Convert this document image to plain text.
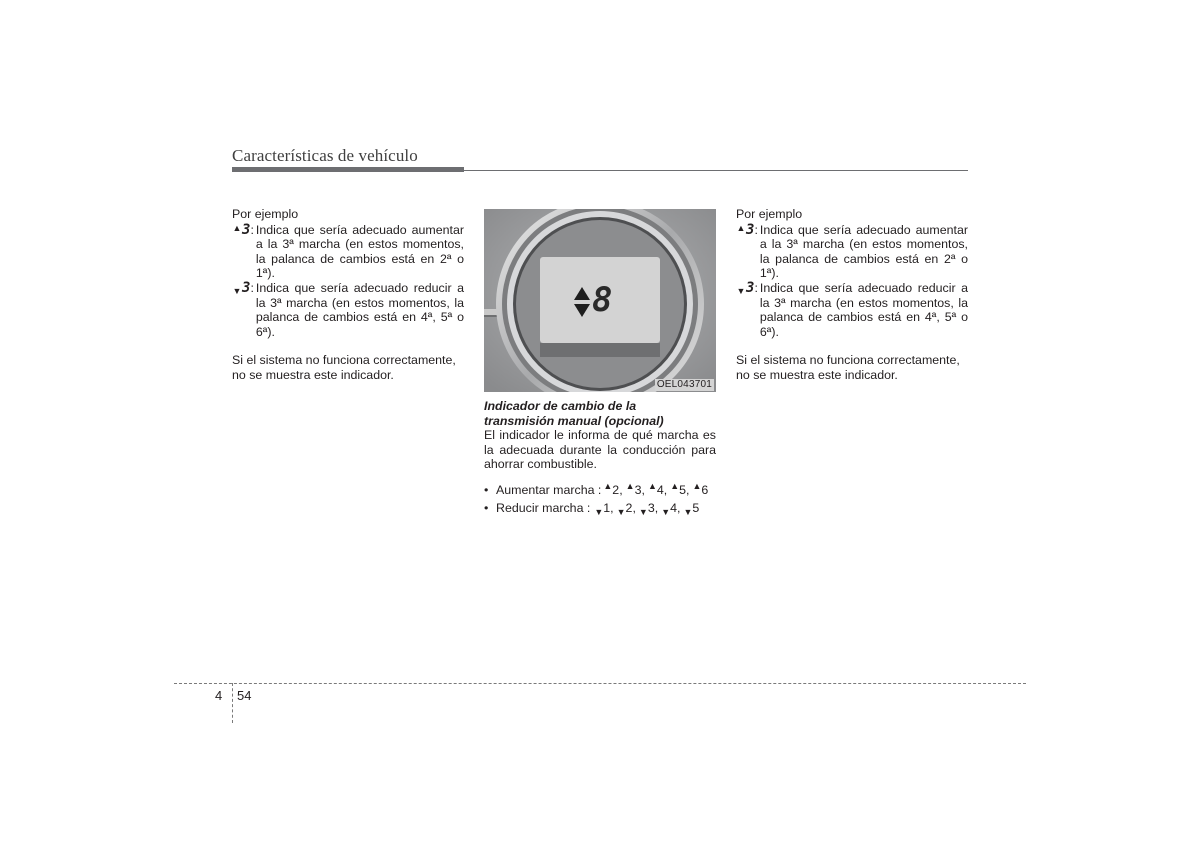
Características de vehículo

Por ejemplo

▲ 3 : Indica que sería adecuado aumentar a la 3ª marcha (en estos momentos, la palanca de cambios está en 2ª o 1ª).
▼ 3 : Indica que sería adecuado reducir a la 3ª marcha (en estos momentos, la palanca de cambios está en 4ª, 5ª o 6ª).

Si el sistema no funciona correctamente, no se muestra este indicador.

8
OEL043701
Indicador de cambio de la
transmisión manual (opcional)

El indicador le informa de qué marcha es la adecuada durante la conducción para ahorrar combustible.

• Aumentar marcha : ▲ 2 , ▲ 3 , ▲ 4 , ▲ 5 , ▲ 6
• Reducir marcha : ▼ 1 , ▼ 2 , ▼ 3 , ▼ 4 , ▼ 5

Por ejemplo

▲ 3 : Indica que sería adecuado aumentar a la 3ª marcha (en estos momentos, la palanca de cambios está en 2ª o 1ª).
▼ 3 : Indica que sería adecuado reducir a la 3ª marcha (en estos momentos, la palanca de cambios está en 4ª, 5ª o 6ª).

Si el sistema no funciona correctamente, no se muestra este indicador.

4 54
